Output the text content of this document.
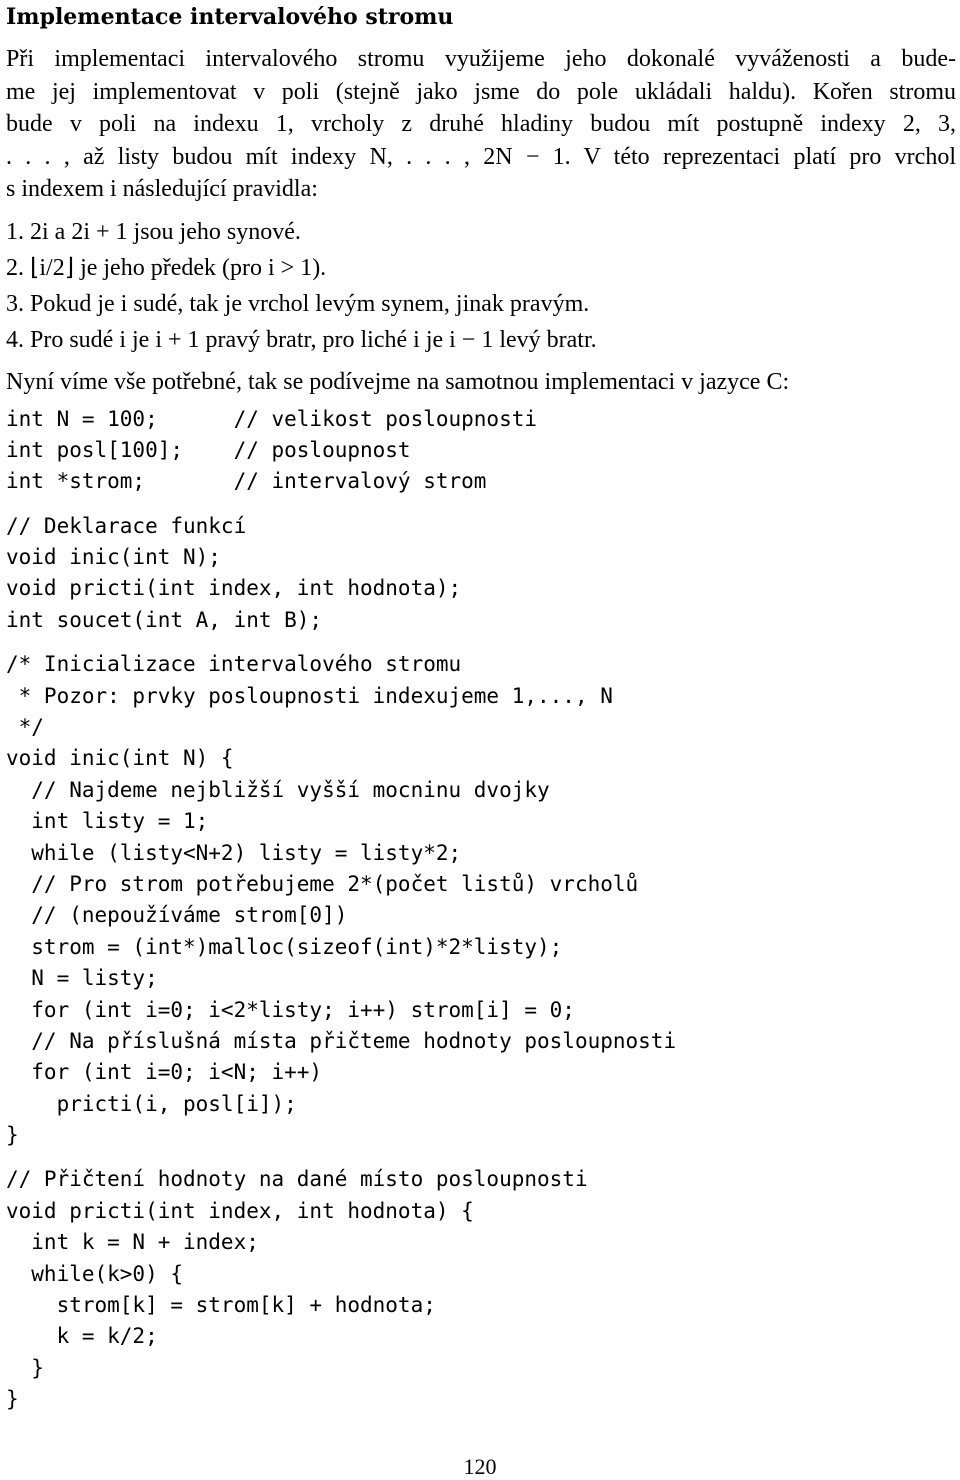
Implementace intervalového stromu
Při implementaci intervalového stromu využijeme jeho dokonalé vyváženosti a bude-
me jej implementovat v poli (stejně jako jsme do pole ukládali haldu). Kořen stromu
bude v poli na indexu 1, vrcholy z druhé hladiny budou mít postupně indexy 2, 3,
. . . , až listy budou mít indexy N, . . . , 2N − 1. V této reprezentaci platí pro vrchol
s indexem i následující pravidla:
1. 2i a 2i + 1 jsou jeho synové.
2. ⌊i/2⌋ je jeho předek (pro i > 1).
3. Pokud je i sudé, tak je vrchol levým synem, jinak pravým.
4. Pro sudé i je i + 1 pravý bratr, pro liché i je i − 1 levý bratr.

Nyní víme vše potřebné, tak se podívejme na samotnou implementaci v jazyce C:

int N = 100;      // velikost posloupnosti
int posl[100];    // posloupnost
int *strom;       // intervalový strom
// Deklarace funkcí
void inic(int N);
void pricti(int index, int hodnota);
int soucet(int A, int B);
/* Inicializace intervalového stromu
* Pozor: prvky posloupnosti indexujeme 1,..., N
*/
void inic(int N) {
// Najdeme nejbližší vyšší mocninu dvojky
int listy = 1;
while (listy<N+2) listy = listy*2;
// Pro strom potřebujeme 2*(počet listů) vrcholů
// (nepoužíváme strom[0])
strom = (int*)malloc(sizeof(int)*2*listy);
N = listy;
for (int i=0; i<2*listy; i++) strom[i] = 0;
// Na příslušná místa přičteme hodnoty posloupnosti
for (int i=0; i<N; i++)
pricti(i, posl[i]);
}
// Přičtení hodnoty na dané místo posloupnosti
void pricti(int index, int hodnota) {
int k = N + index;
while(k>0) {
strom[k] = strom[k] + hodnota;
k = k/2;
}
}
120
